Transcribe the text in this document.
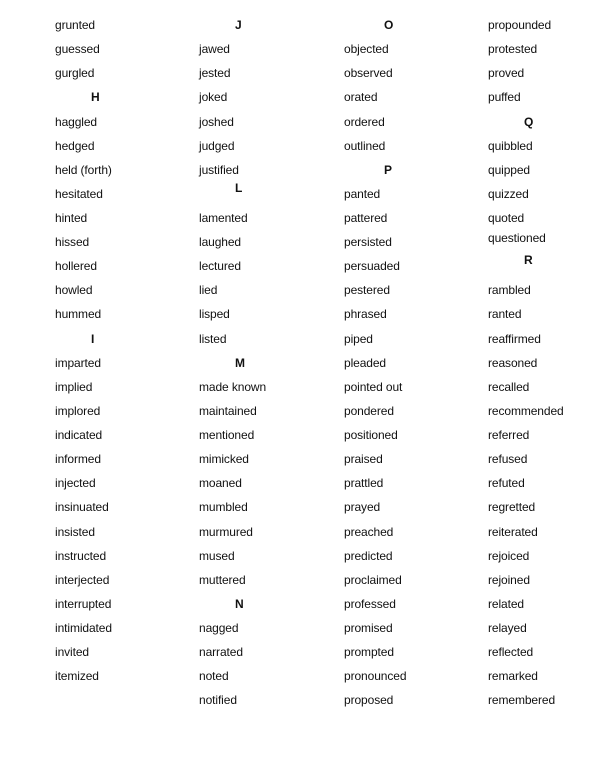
grunted
guessed
gurgled
H
haggled
hedged
held (forth)
hesitated
hinted
hissed
hollered
howled
hummed
I
imparted
implied
implored
indicated
informed
injected
insinuated
insisted
instructed
interjected
interrupted
intimidated
invited
itemized
J
jawed
jested
joked
joshed
judged
justified
L
lamented
laughed
lectured
lied
lisped
listed
M
made known
maintained
mentioned
mimicked
moaned
mumbled
murmured
mused
muttered
N
nagged
narrated
noted
notified
O
objected
observed
orated
ordered
outlined
P
panted
pattered
persisted
persuaded
pestered
phrased
piped
pleaded
pointed out
pondered
positioned
praised
prattled
prayed
preached
predicted
proclaimed
professed
promised
prompted
pronounced
proposed
propounded
protested
proved
puffed
Q
quibbled
quipped
quizzed
quoted
questioned
R
rambled
ranted
reaffirmed
reasoned
recalled
recommended
referred
refused
refuted
regretted
reiterated
rejoiced
rejoined
related
relayed
reflected
remarked
remembered
